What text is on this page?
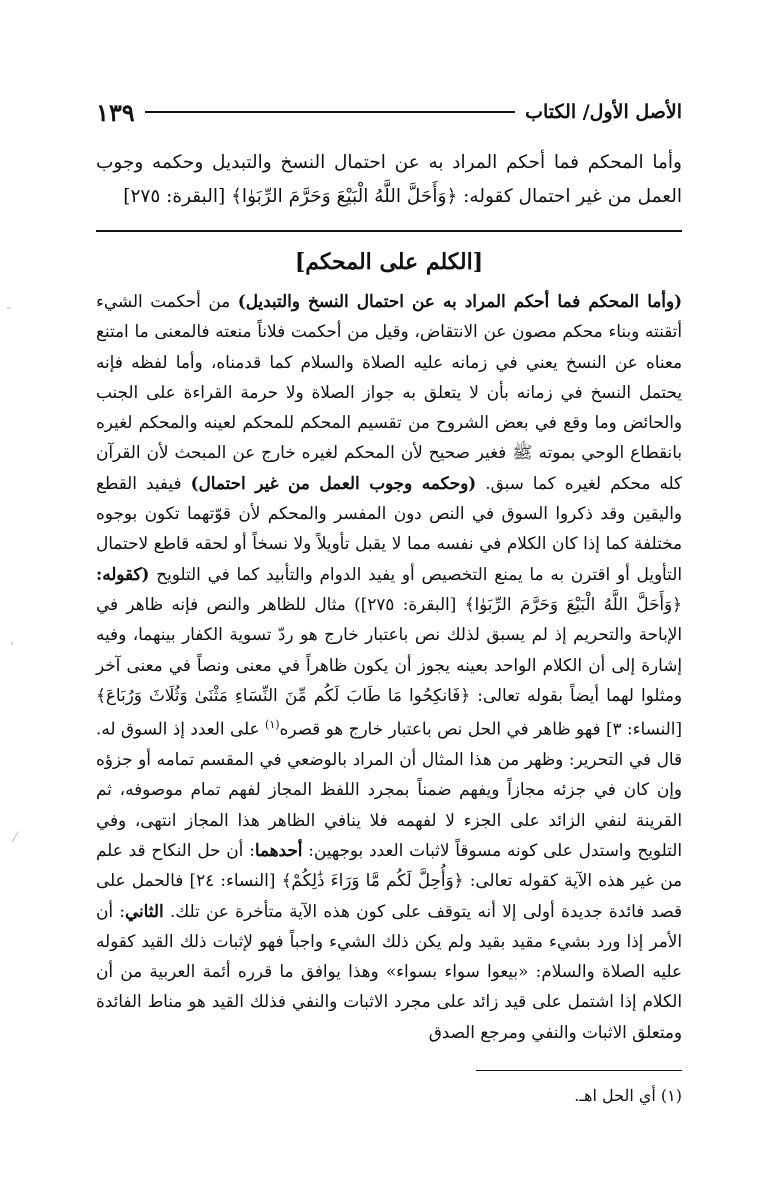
الأصل الأول/ الكتاب
١٣٩

وأما المحكم فما أحكم المراد به عن احتمال النسخ والتبديل وحكمه وجوب العمل من غير احتمال كقوله: ﴿وَأَحَلَّ اللَّهُ الْبَيْعَ وَحَرَّمَ الرِّبَوٰا﴾ [البقرة: ٢٧٥]

[الكلم على المحكم]

(وأما المحكم فما أحكم المراد به عن احتمال النسخ والتبديل) من أحكمت الشيء أتقنته وبناء محكم مصون عن الانتقاض، وقيل من أحكمت فلاناً منعته فالمعنى ما امتنع معناه عن النسخ يعني في زمانه عليه الصلاة والسلام كما قدمناه، وأما لفظه فإنه يحتمل النسخ في زمانه بأن لا يتعلق به جواز الصلاة ولا حرمة القراءة على الجنب والحائض وما وقع في بعض الشروح من تقسيم المحكم للمحكم لعينه والمحكم لغيره بانقطاع الوحي بموته ﷺ فغير صحيح لأن المحكم لغيره خارج عن المبحث لأن القرآن كله محكم لغيره كما سبق. (وحكمه وجوب العمل من غير احتمال) فيفيد القطع واليقين وقد ذكروا السوق في النص دون المفسر والمحكم لأن قوّتهما تكون بوجوه مختلفة كما إذا كان الكلام في نفسه مما لا يقبل تأويلاً ولا نسخاً أو لحقه قاطع لاحتمال التأويل أو اقترن به ما يمنع التخصيص أو يفيد الدوام والتأبيد كما في التلويح (كقوله: ﴿وَأَحَلَّ اللَّهُ الْبَيْعَ وَحَرَّمَ الرِّبَوٰا﴾ [البقرة: ٢٧٥]) مثال للظاهر والنص فإنه ظاهر في الإباحة والتحريم إذ لم يسبق لذلك نص باعتبار خارج هو ردّ تسوية الكفار بينهما، وفيه إشارة إلى أن الكلام الواحد بعينه يجوز أن يكون ظاهراً في معنى ونصاً في معنى آخر ومثلوا لهما أيضاً بقوله تعالى: ﴿فَانكِحُوا مَا طَابَ لَكُم مِّنَ النِّسَاءِ مَثْنَىٰ وَثُلَاثَ وَرُبَاعَ﴾ [النساء: ٣] فهو ظاهر في الحل نص باعتبار خارج هو قصره$^{(١)}$ على العدد إذ السوق له. قال في التحرير: وظهر من هذا المثال أن المراد بالوضعي في المقسم تمامه أو جزؤه وإن كان في جزئه مجازاً ويفهم ضمناً بمجرد اللفظ المجاز لفهم تمام موصوفه، ثم القرينة لنفي الزائد على الجزء لا لفهمه فلا ينافي الظاهر هذا المجاز انتهى، وفي التلويح واستدل على كونه مسوقاً لاثبات العدد بوجهين: أحدهما: أن حل النكاح قد علم من غير هذه الآية كقوله تعالى: ﴿وَأُحِلَّ لَكُم مَّا وَرَاءَ ذَٰلِكُمْ﴾ [النساء: ٢٤] فالحمل على قصد فائدة جديدة أولى إلا أنه يتوقف على كون هذه الآية متأخرة عن تلك. الثاني: أن الأمر إذا ورد بشيء مقيد بقيد ولم يكن ذلك الشيء واجباً فهو لإثبات ذلك القيد كقوله عليه الصلاة والسلام: «بيعوا سواء بسواء» وهذا يوافق ما قرره أئمة العربية من أن الكلام إذا اشتمل على قيد زائد على مجرد الاثبات والنفي فذلك القيد هو مناط الفائدة ومتعلق الاثبات والنفي ومرجع الصدق

(١) أي الحل اهـ.
‐
'
⁄
